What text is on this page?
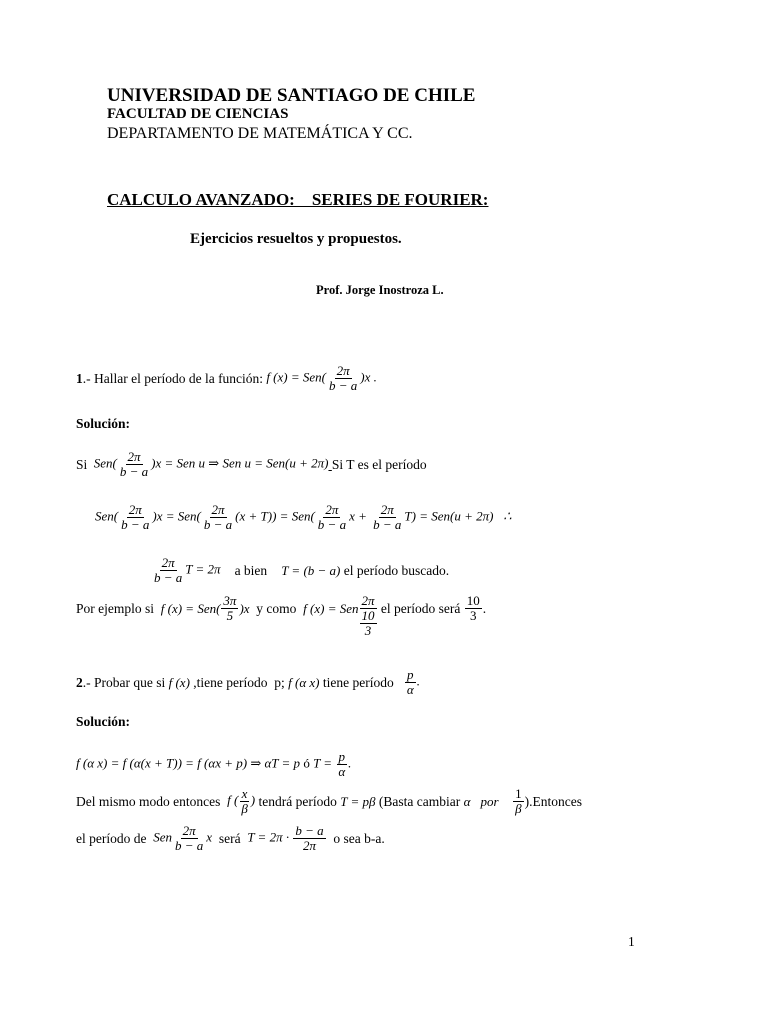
UNIVERSIDAD DE SANTIAGO DE CHILE
FACULTAD DE CIENCIAS
DEPARTAMENTO DE MATEMÁTICA Y CC.
CALCULO AVANZADO:    SERIES DE FOURIER:
Ejercicios resueltos y propuestos.
Prof. Jorge Inostroza L.
1 .- Hallar el período de la función: f $(x) = Sen( \frac{2\pi}{b - a} )x$ .
Solución:
Si $Sen( \frac{2\pi}{b - a} )x$ = Sen u ⇒ Sen u = Sen(u + 2π)
Si T es el período
$Sen( \frac{2\pi}{b - a} )x = Sen( \frac{2\pi}{b - a} (x + T)) = Sen( \frac{2\pi}{b - a}$ $x + \frac{2\pi}{b - a} T) = Sen(u + 2\pi)$   ∴
$\frac{2\pi}{b - a}$ T = 2π a bien T = (b − a)
el período buscado.
Por ejemplo si
f $(x) = Sen( \frac{3\pi}{5} )x$
y como
f (x) = Sen
2π
10
3

el período será
$\frac{10}{3}$ .
2 .- Probar que si
f (x)
,tiene período  p;
f (α x)
tiene período
$\frac{p}{\alpha}$ .
Solución:
f (α x) = f (α(x + T)) = f (αx + p) ⇒ αT = p ó $T = \frac{p}{\alpha}$ .
Del mismo modo entonces
f ( $\frac{x}{\beta}$ )
tendrá período
T = pβ
(Basta cambiar
α
por
$\frac{1}{\beta}$ ).Entonces
el período de
Sen $\frac{2\pi}{b - a}$ x
será
$T = 2\pi \cdot \frac{b - a}{2\pi}$
o sea b-a.
1
